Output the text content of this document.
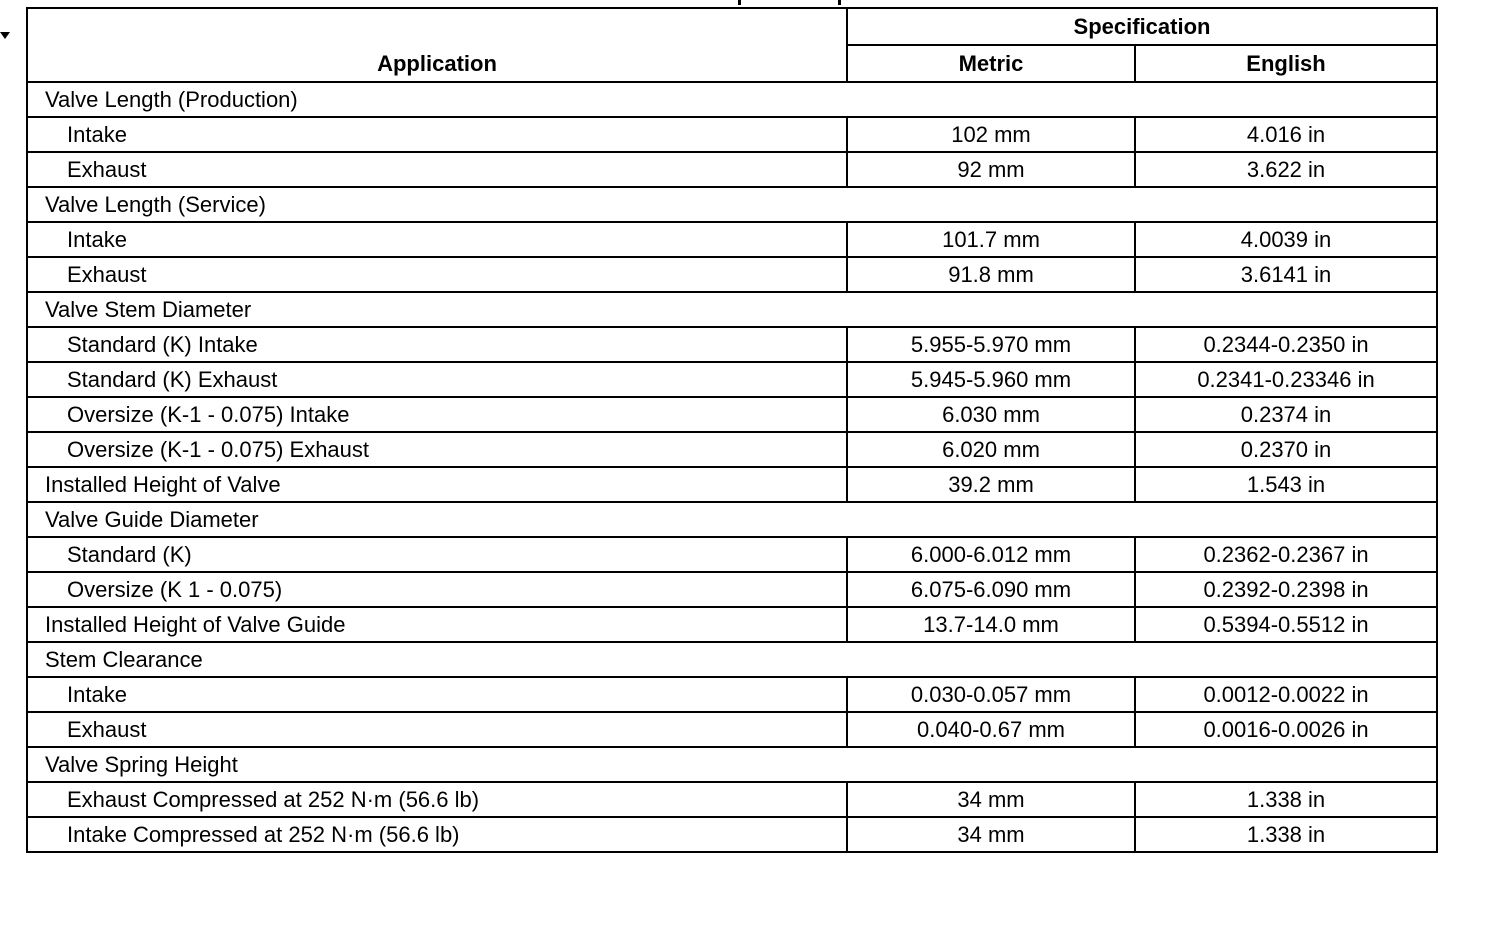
Application	Specification	
	Metric	English
Valve Length (Production)		
Intake	102 mm	4.016 in
Exhaust	92 mm	3.622 in
Valve Length (Service)		
Intake	101.7 mm	4.0039 in
Exhaust	91.8 mm	3.6141 in
Valve Stem Diameter		
Standard (K) Intake	5.955-5.970 mm	0.2344-0.2350 in
Standard (K) Exhaust	5.945-5.960 mm	0.2341-0.23346 in
Oversize (K-1 - 0.075) Intake	6.030 mm	0.2374 in
Oversize (K-1 - 0.075) Exhaust	6.020 mm	0.2370 in
Installed Height of Valve	39.2 mm	1.543 in
Valve Guide Diameter		
Standard (K)	6.000-6.012 mm	0.2362-0.2367 in
Oversize (K 1 - 0.075)	6.075-6.090 mm	0.2392-0.2398 in
Installed Height of Valve Guide	13.7-14.0 mm	0.5394-0.5512 in
Stem Clearance		
Intake	0.030-0.057 mm	0.0012-0.0022 in
Exhaust	0.040-0.67 mm	0.0016-0.0026 in
Valve Spring Height		
Exhaust Compressed at 252 N·m (56.6 lb)	34 mm	1.338 in
Intake Compressed at 252 N·m (56.6 lb)	34 mm	1.338 in
